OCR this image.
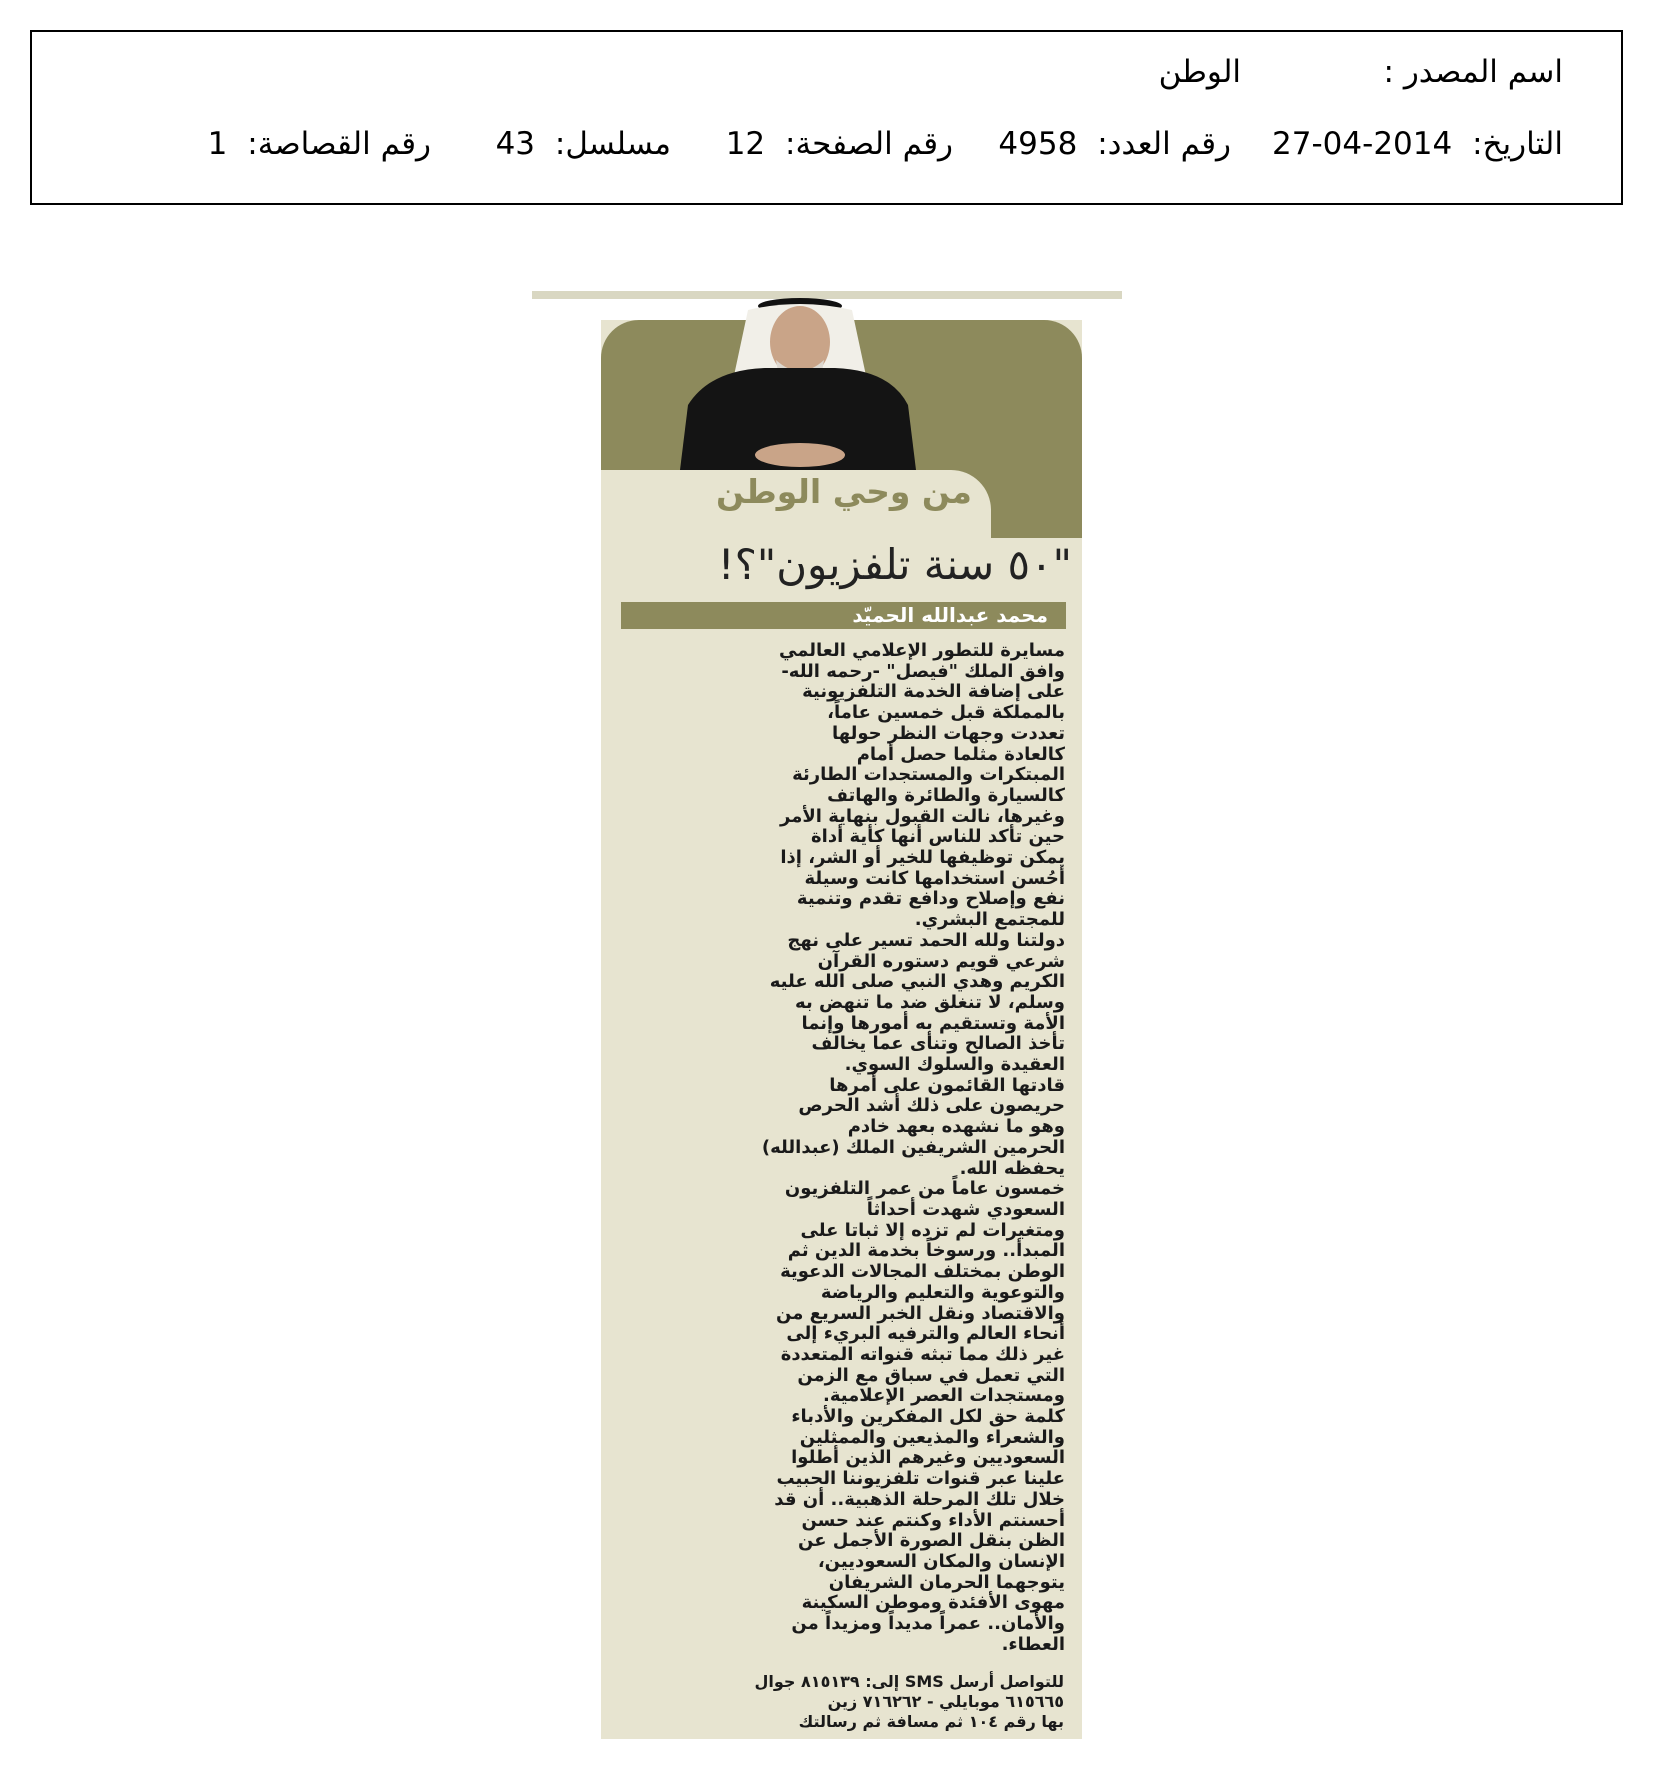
اسم المصدر :
الوطن
التاريخ: 2014-04-27
رقم العدد: 4958
رقم الصفحة: 12
مسلسل: 43
رقم القصاصة: 1
من وحي الوطن
"٥٠ سنة تلفزيون"؟!
محمد عبدالله الحميّد
مسايرة للتطور الإعلامي العالمي
وافق الملك "فيصل" -رحمه الله-
على إضافة الخدمة التلفزيونية
بالمملكة قبل خمسين عاماً،
تعددت وجهات النظر حولها
كالعادة مثلما حصل أمام
المبتكرات والمستجدات الطارئة
كالسيارة والطائرة والهاتف
وغيرها، نالت القبول بنهاية الأمر
حين تأكد للناس أنها كأية أداة
يمكن توظيفها للخير أو الشر، إذا
أحُسن استخدامها كانت وسيلة
نفع وإصلاح ودافع تقدم وتنمية
للمجتمع البشري.
دولتنا ولله الحمد تسير على نهج
شرعي قويم دستوره القرآن
الكريم وهدي النبي صلى الله عليه
وسلم، لا تنغلق ضد ما تنهض به
الأمة وتستقيم به أمورها وإنما
تأخذ الصالح وتنأى عما يخالف
العقيدة والسلوك السوي.
قادتها القائمون على أمرها
حريصون على ذلك أشد الحرص
وهو ما نشهده بعهد خادم
الحرمين الشريفين الملك (عبدالله)
يحفظه الله.
خمسون عاماً من عمر التلفزيون
السعودي شهدت أحداثاً
ومتغيرات لم تزده إلا ثباتا على
المبدأ.. ورسوخاً بخدمة الدين ثم
الوطن بمختلف المجالات الدعوية
والتوعوية والتعليم والرياضة
والاقتصاد ونقل الخبر السريع من
أنحاء العالم والترفيه البريء إلى
غير ذلك مما تبثه قنواته المتعددة
التي تعمل في سباق مع الزمن
ومستجدات العصر الإعلامية.
كلمة حق لكل المفكرين والأدباء
والشعراء والمذيعين والممثلين
السعوديين وغيرهم الذين أطلوا
علينا عبر قنوات تلفزيوننا الحبيب
خلال تلك المرحلة الذهبية.. أن قد
أحسنتم الأداء وكنتم عند حسن
الظن بنقل الصورة الأجمل عن
الإنسان والمكان السعوديين،
يتوجهما الحرمان الشريفان
مهوى الأفئدة وموطن السكينة
والأمان.. عمراً مديداً ومزيداً من
العطاء.
للتواصل أرسل SMS إلى: ٨١٥١٣٩ جوال
٦١٥٦٦٥ موبايلي - ٧١٦٢٦٢ زين
بها رقم ١٠٤ ثم مسافة ثم رسالتك
